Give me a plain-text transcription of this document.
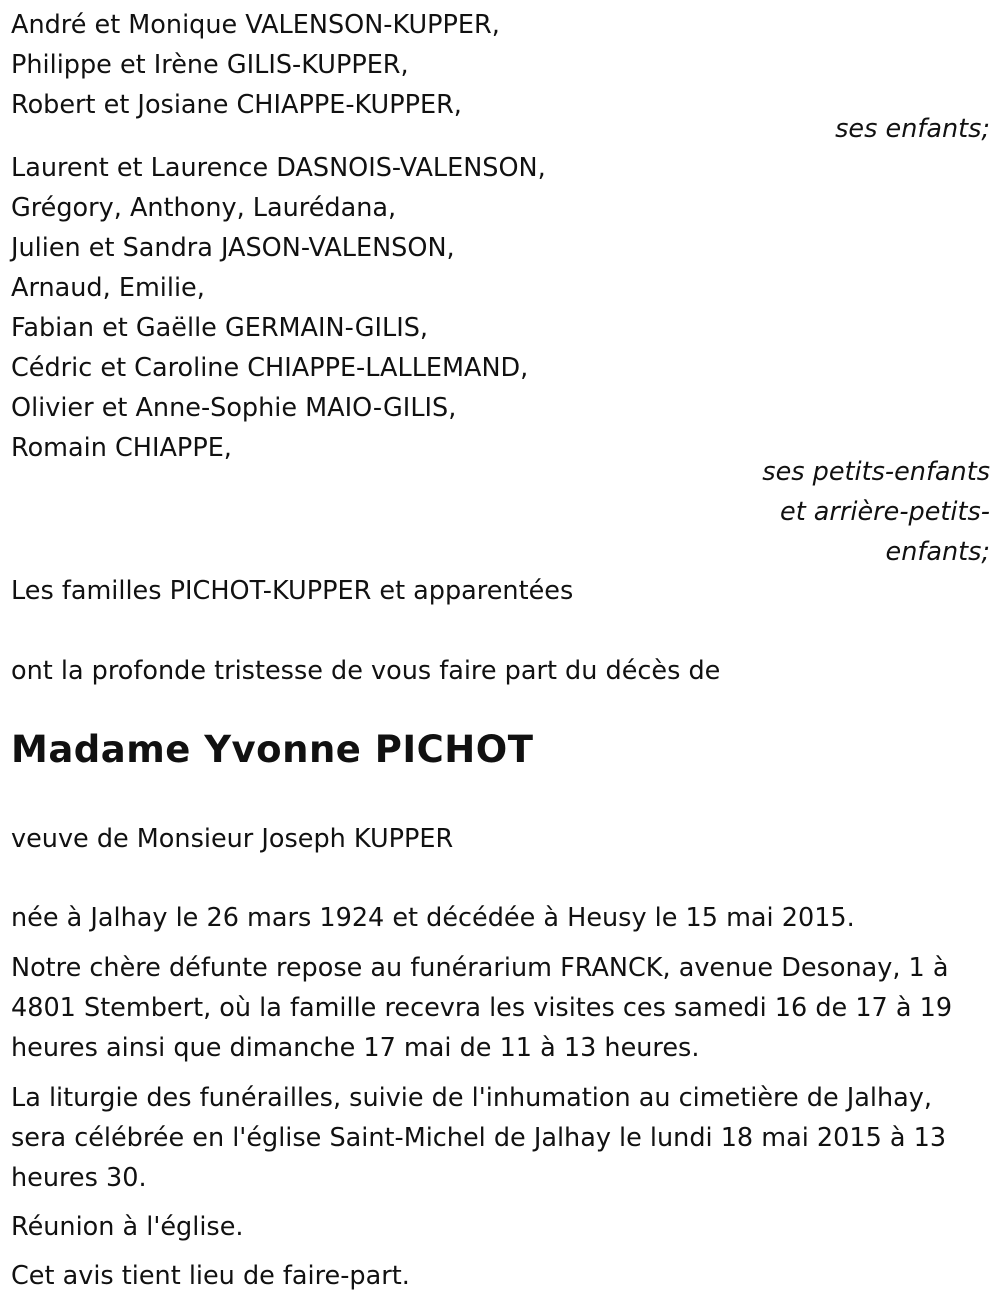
André et Monique VALENSON-KUPPER,
Philippe et Irène GILIS-KUPPER,
Robert et Josiane CHIAPPE-KUPPER,
ses enfants;
Laurent et Laurence DASNOIS-VALENSON,
Grégory, Anthony, Laurédana,
Julien et Sandra JASON-VALENSON,
Arnaud, Emilie,
Fabian et Gaëlle GERMAIN-GILIS,
Cédric et Caroline CHIAPPE-LALLEMAND,
Olivier et Anne-Sophie MAIO-GILIS,
Romain CHIAPPE,
ses petits-enfants
et arrière-petits-
enfants;
Les familles PICHOT-KUPPER et apparentées
ont la profonde tristesse de vous faire part du décès de
Madame Yvonne PICHOT
veuve de Monsieur Joseph KUPPER
née à Jalhay le 26 mars 1924 et décédée à Heusy le 15 mai 2015.
Notre chère défunte repose au funérarium FRANCK, avenue Desonay, 1 à
4801 Stembert, où la famille recevra les visites ces samedi 16 de 17 à 19
heures ainsi que dimanche 17 mai de 11 à 13 heures.
La liturgie des funérailles, suivie de l'inhumation au cimetière de Jalhay,
sera célébrée en l'église Saint-Michel de Jalhay le lundi 18 mai 2015 à 13
heures 30.
Réunion à l'église.
Cet avis tient lieu de faire-part.
